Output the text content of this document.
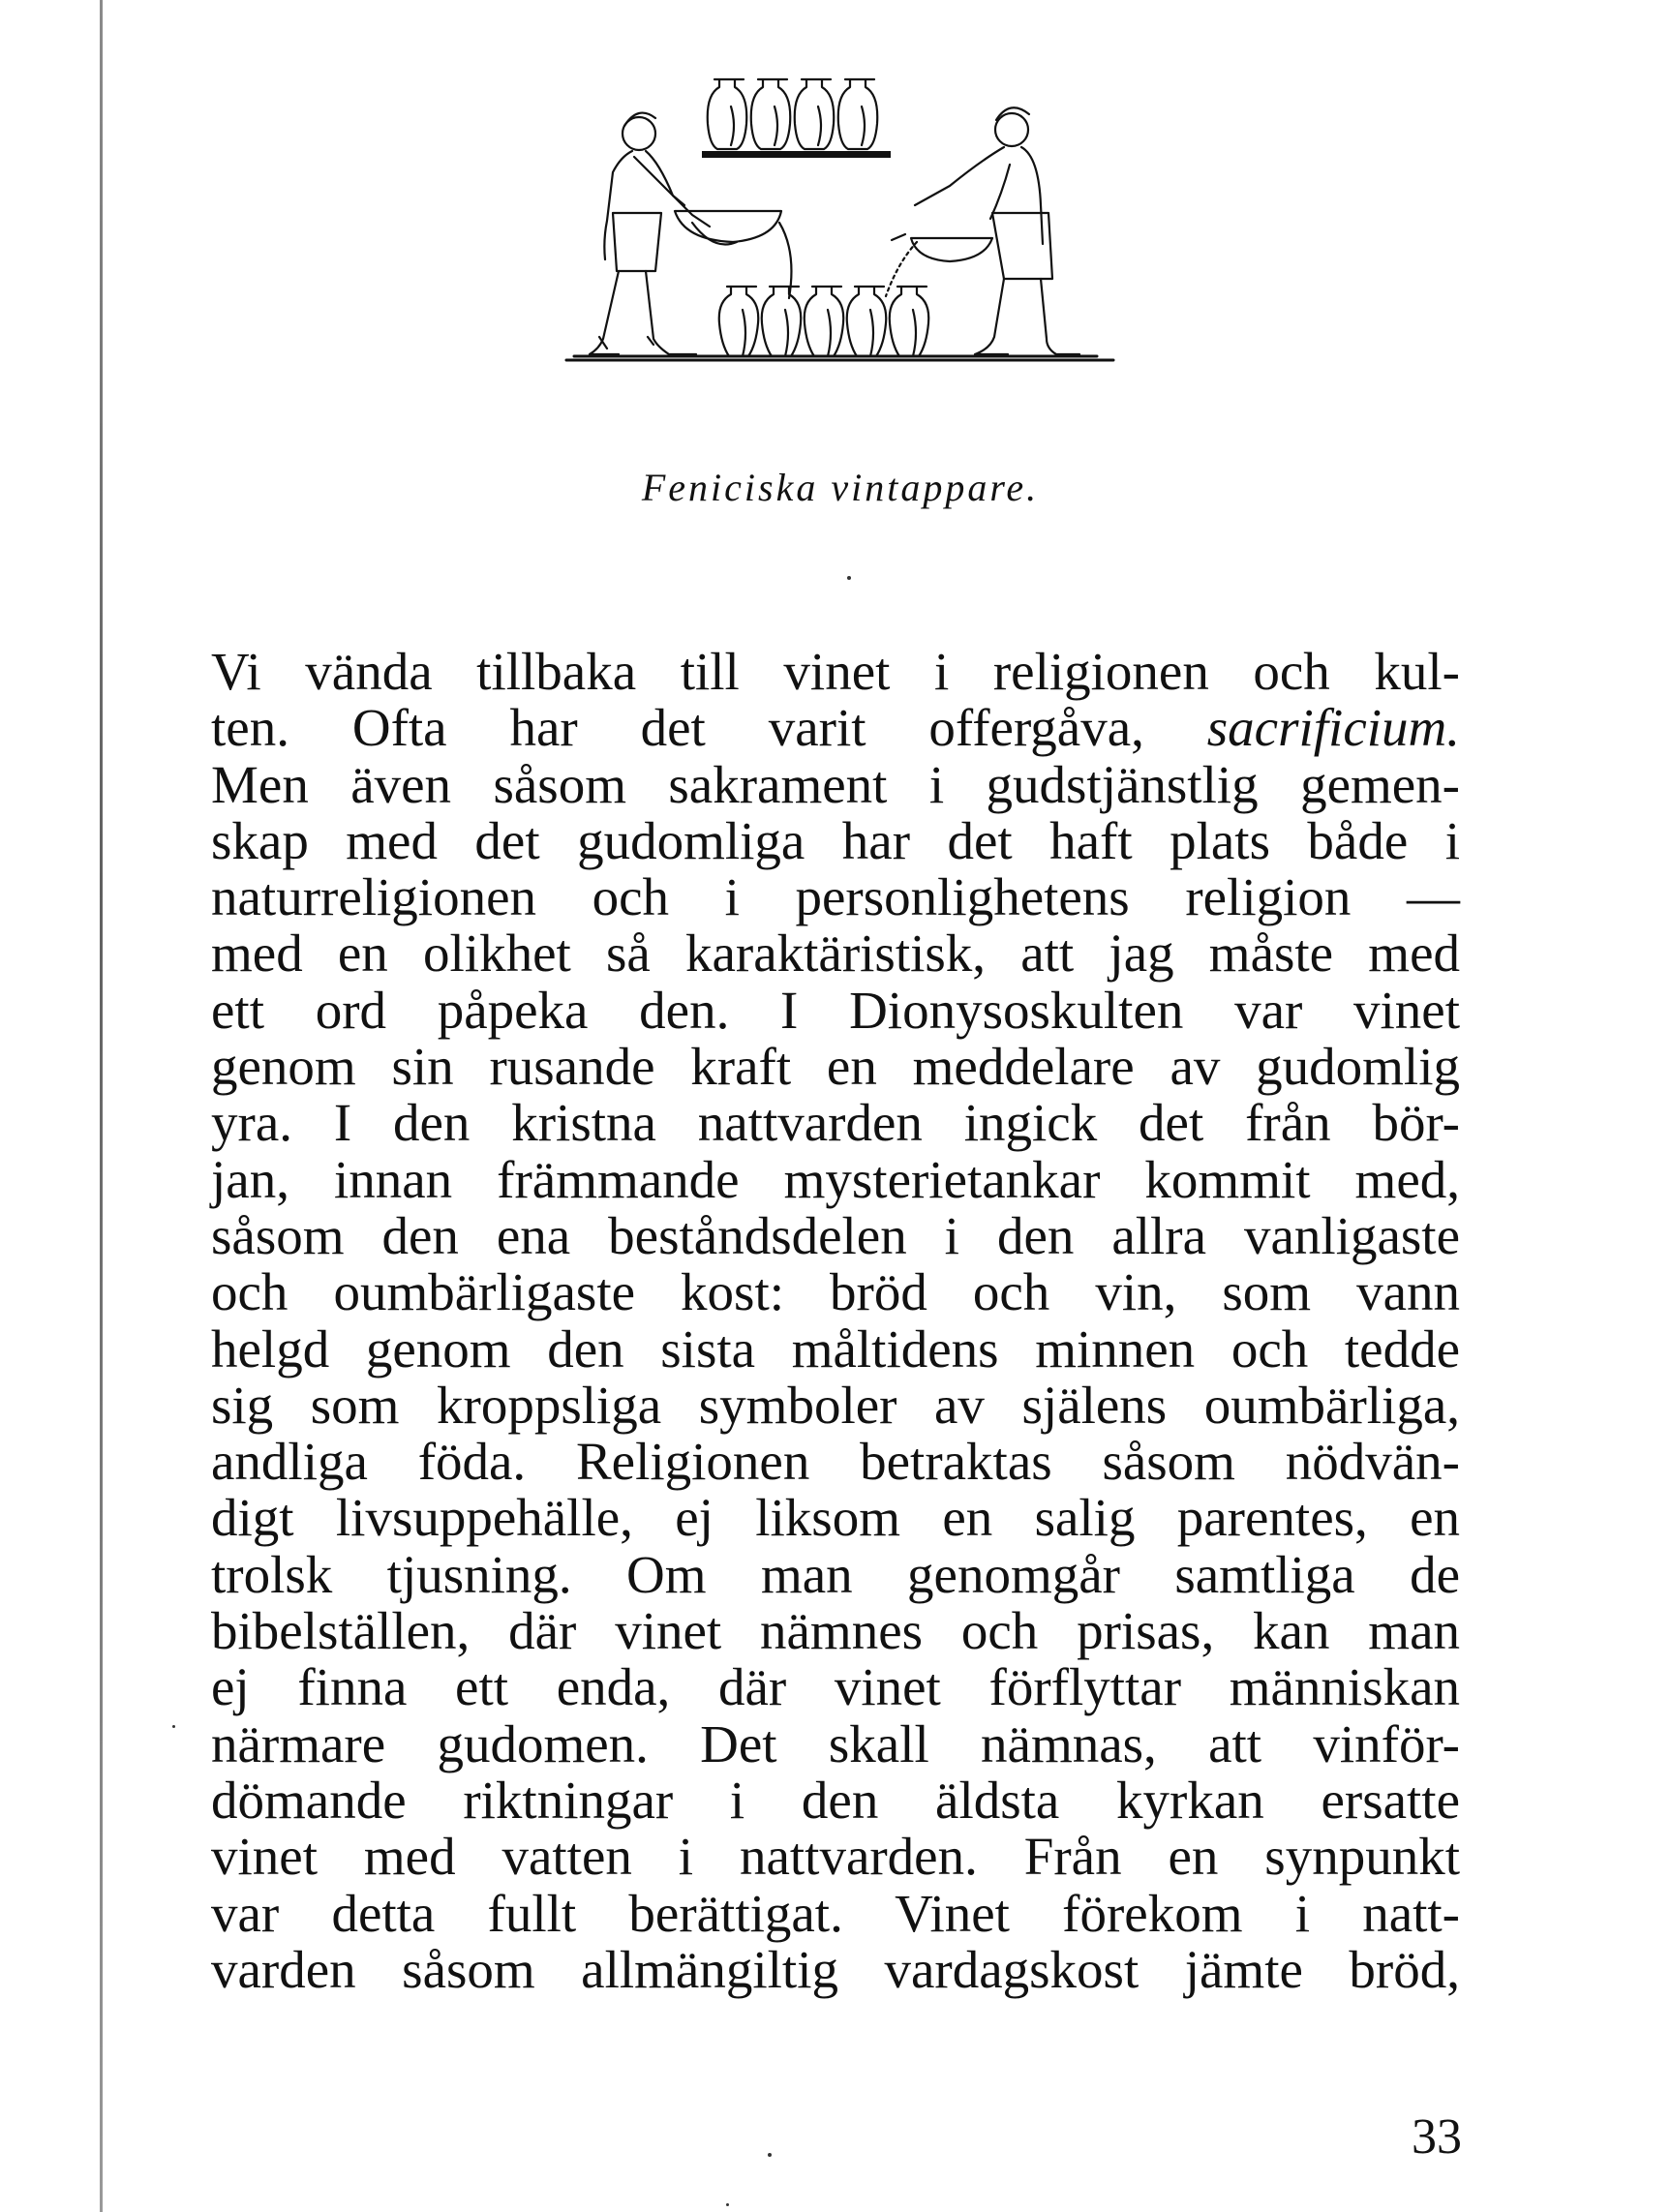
Feniciska vintappare.
Vi vända tillbaka till vinet i religionen och kul-
ten. Ofta har det varit offergåva, sacrificium.
Men även såsom sakrament i gudstjänstlig gemen-
skap med det gudomliga har det haft plats både i
naturreligionen och i personlighetens religion —
med en olikhet så karaktäristisk, att jag måste med
ett ord påpeka den. I Dionysoskulten var vinet
genom sin rusande kraft en meddelare av gudomlig
yra. I den kristna nattvarden ingick det från bör-
jan, innan främmande mysterietankar kommit med,
såsom den ena beståndsdelen i den allra vanligaste
och oumbärligaste kost: bröd och vin, som vann
helgd genom den sista måltidens minnen och tedde
sig som kroppsliga symboler av själens oumbärliga,
andliga föda. Religionen betraktas såsom nödvän-
digt livsuppehälle, ej liksom en salig parentes, en
trolsk tjusning. Om man genomgår samtliga de
bibelställen, där vinet nämnes och prisas, kan man
ej finna ett enda, där vinet förflyttar människan
närmare gudomen. Det skall nämnas, att vinför-
dömande riktningar i den äldsta kyrkan ersatte
vinet med vatten i nattvarden. Från en synpunkt
var detta fullt berättigat. Vinet förekom i natt-
varden såsom allmängiltig vardagskost jämte bröd,
33
